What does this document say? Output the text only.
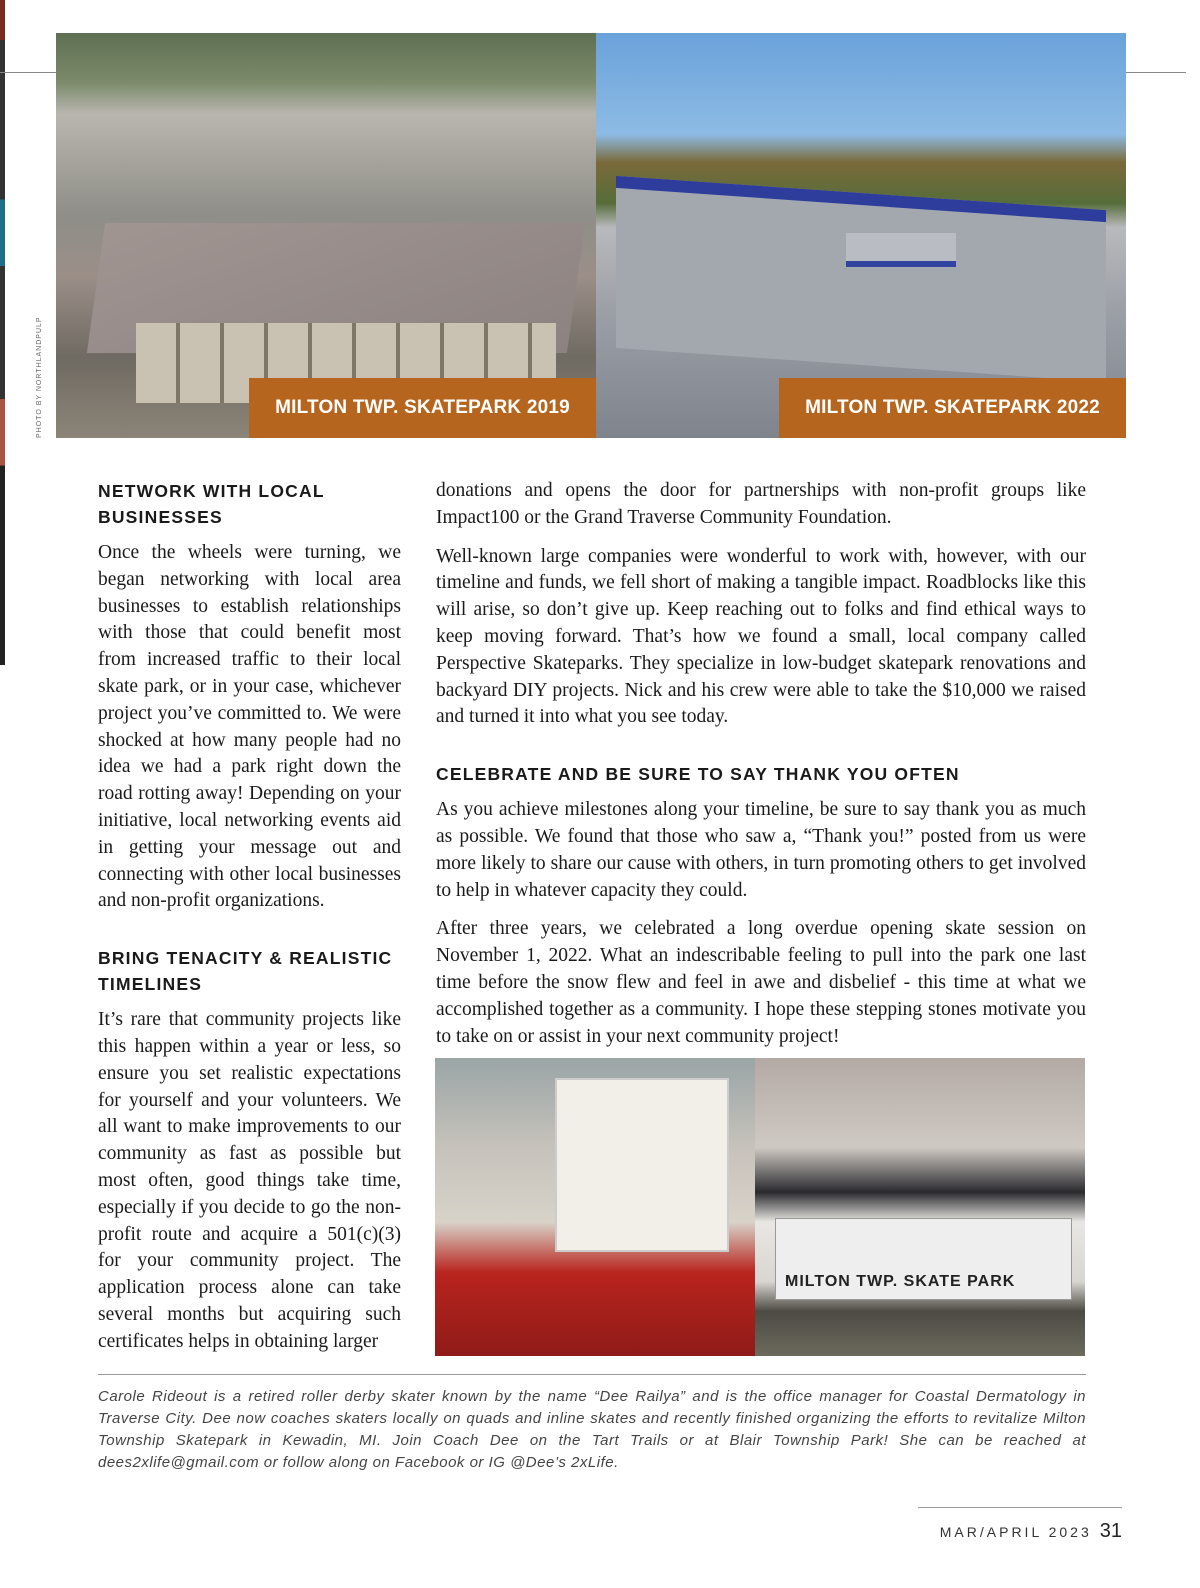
MILTON TWP. SKATEPARK 2019	MILTON TWP. SKATEPARK 2022
PHOTO BY NORTHLANDPULP
NETWORK WITH LOCAL BUSINESSES

Once the wheels were turning, we began networking with local area businesses to establish relationships with those that could benefit most from increased traffic to their local skate park, or in your case, whichever project you’ve committed to. We were shocked at how many people had no idea we had a park right down the road rotting away! Depending on your initiative, local networking events aid in getting your message out and connecting with other local businesses and non-profit organizations.

BRING TENACITY & REALISTIC TIMELINES

It’s rare that community projects like this happen within a year or less, so ensure you set realistic expectations for yourself and your volunteers. We all want to make improvements to our community as fast as possible but most often, good things take time, especially if you decide to go the non-profit route and acquire a 501(c)(3) for your community project. The application process alone can take several months but acquiring such certificates helps in obtaining larger

donations and opens the door for partnerships with non-profit groups like Impact100 or the Grand Traverse Community Foundation.

Well-known large companies were wonderful to work with, however, with our timeline and funds, we fell short of making a tangible impact. Roadblocks like this will arise, so don’t give up. Keep reaching out to folks and find ethical ways to keep moving forward. That’s how we found a small, local company called Perspective Skateparks. They specialize in low-budget skatepark renovations and backyard DIY projects. Nick and his crew were able to take the $10,000 we raised and turned it into what you see today.

CELEBRATE AND BE SURE TO SAY THANK YOU OFTEN

As you achieve milestones along your timeline, be sure to say thank you as much as possible. We found that those who saw a, “Thank you!” posted from us were more likely to share our cause with others, in turn promoting others to get involved to help in whatever capacity they could.

After three years, we celebrated a long overdue opening skate session on November 1, 2022. What an indescribable feeling to pull into the park one last time before the snow flew and feel in awe and disbelief - this time at what we accomplished together as a community. I hope these stepping stones motivate you to take on or assist in your next community project!

MILTON TWP. SKATE PARK

Carole Rideout is a retired roller derby skater known by the name “Dee Railya” and is the office manager for Coastal Dermatology in Traverse City. Dee now coaches skaters locally on quads and inline skates and recently finished organizing the efforts to revitalize Milton Township Skatepark in Kewadin, MI. Join Coach Dee on the Tart Trails or at Blair Township Park! She can be reached at dees2xlife@gmail.com or follow along on Facebook or IG @Dee’s 2xLife.

MAR/APRIL 2023 31
